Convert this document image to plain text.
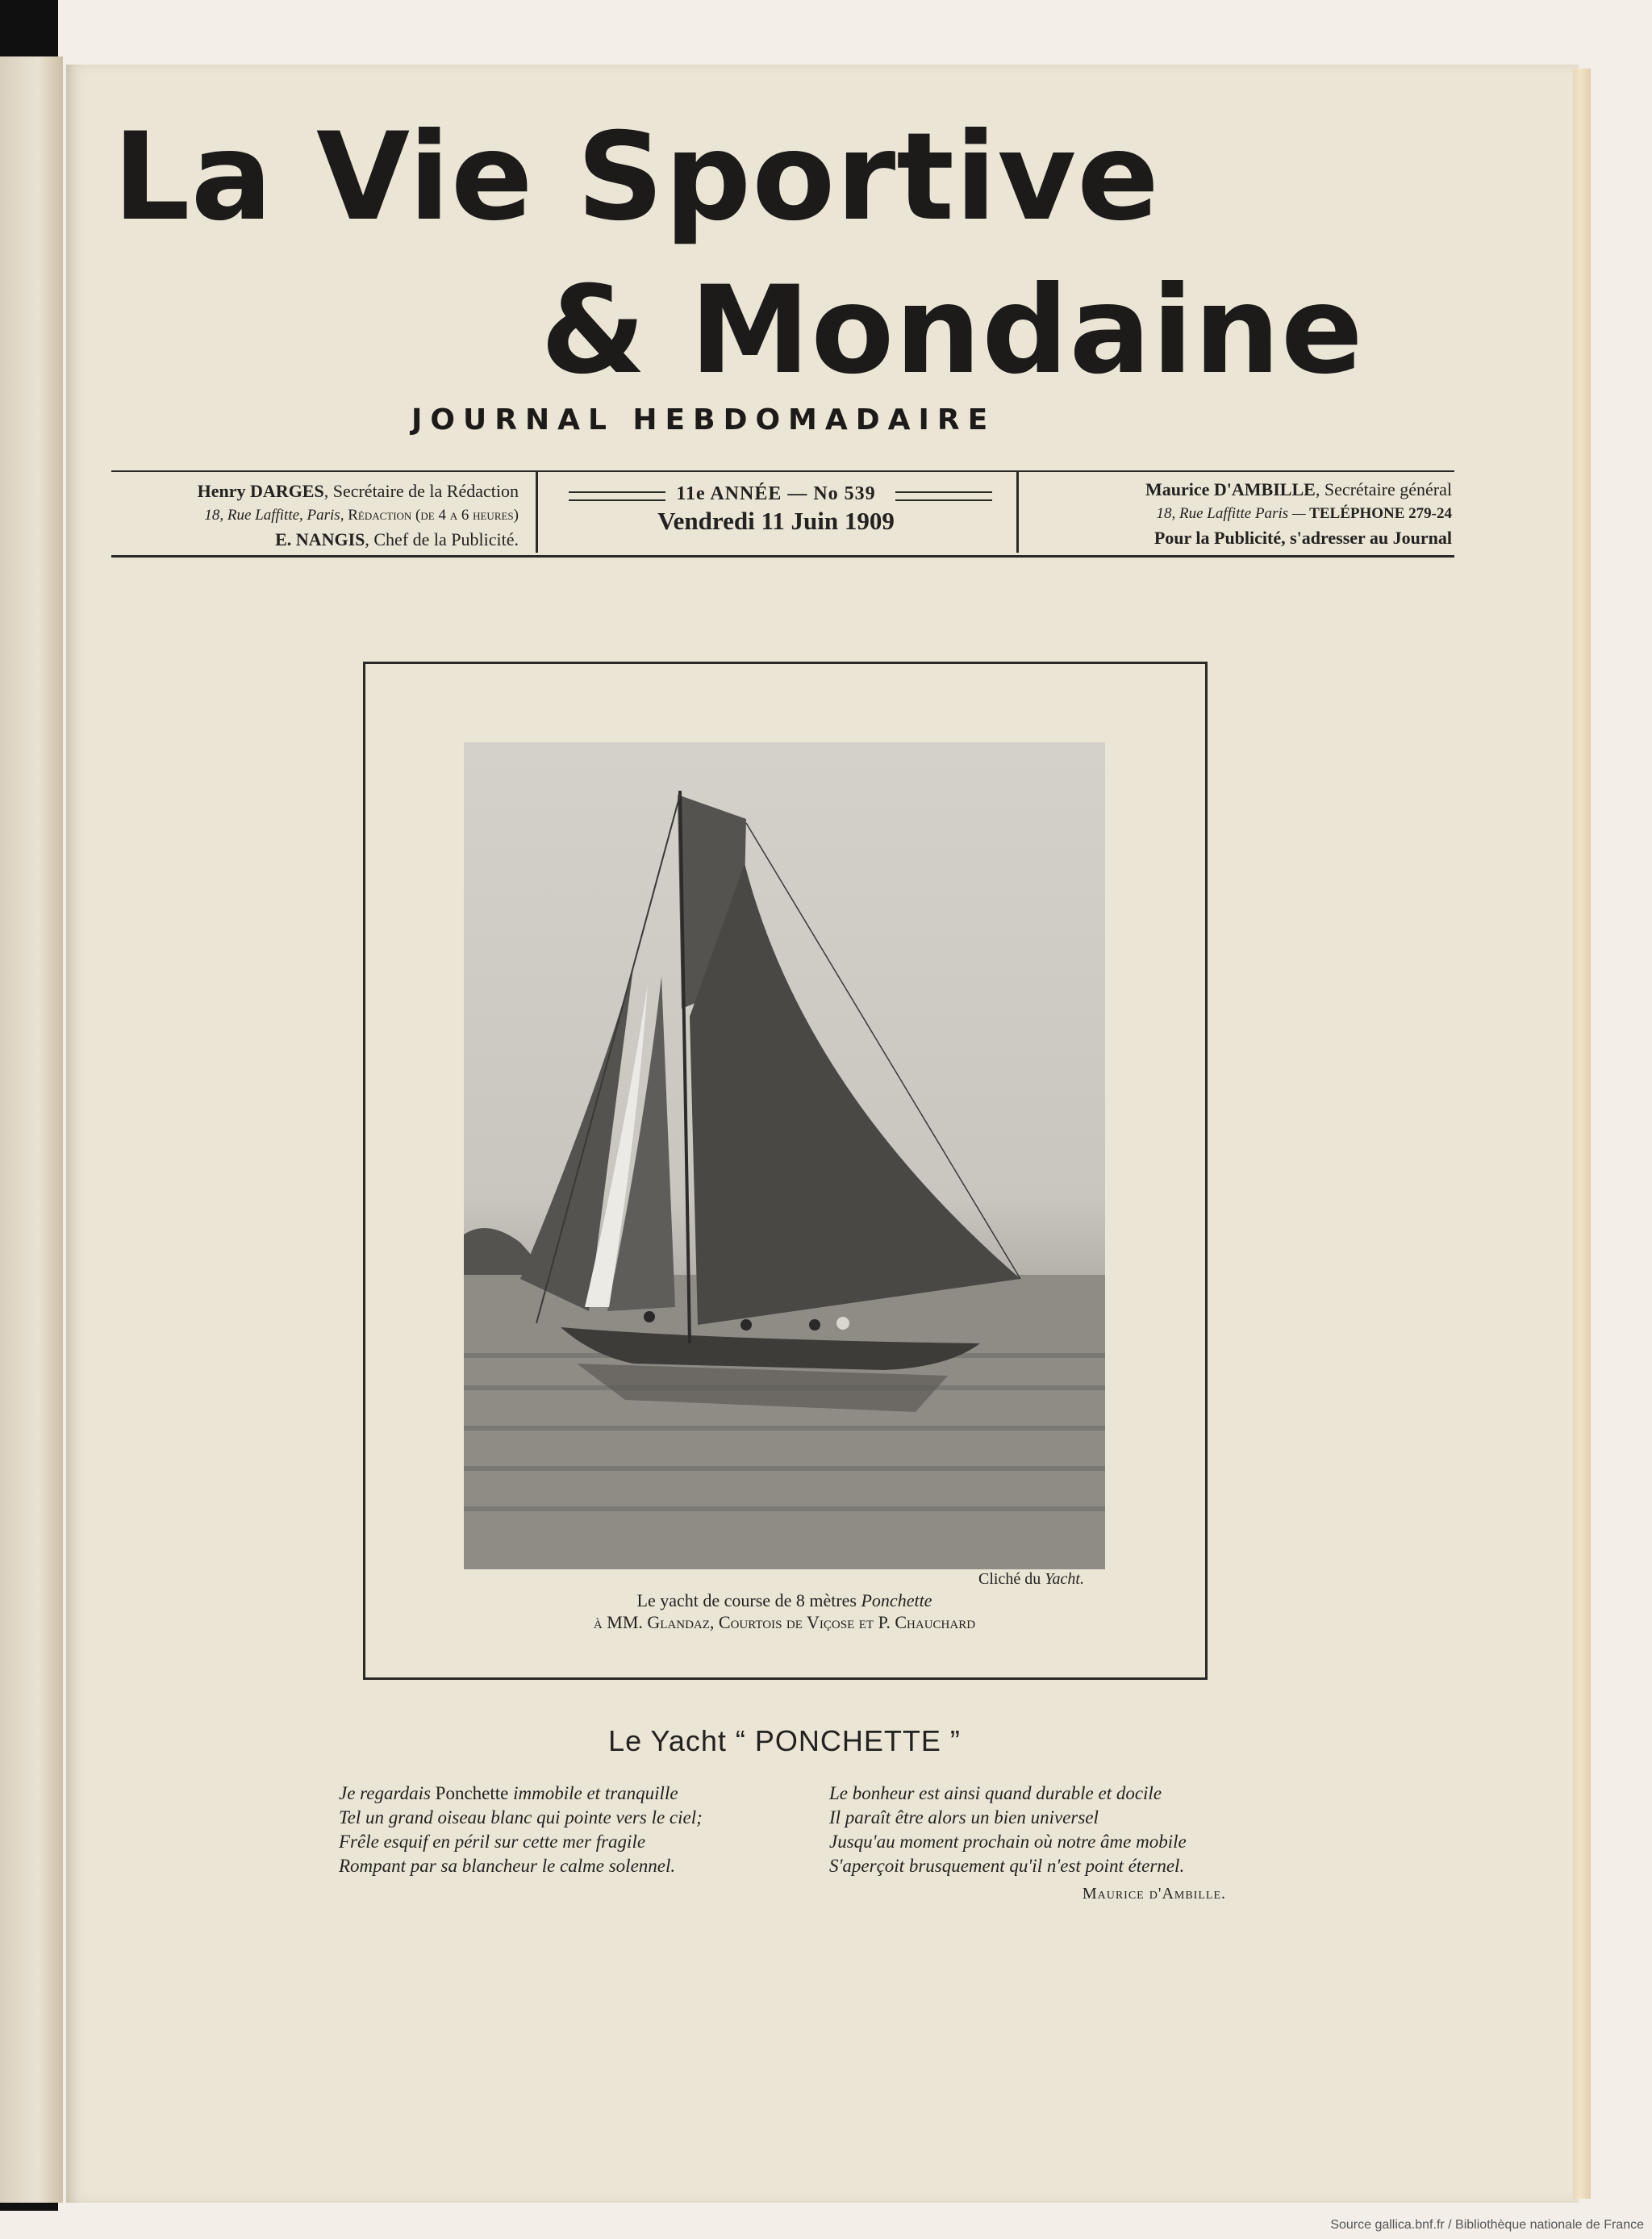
La Vie Sportive
& Mondaine
JOURNAL HEBDOMADAIRE
Henry DARGES, Secrétaire de la Rédaction
18, Rue Laffitte, Paris, Rédaction (de 4 a 6 heures)
E. NANGIS, Chef de la Publicité.
11e ANNÉE — No 539
Vendredi 11 Juin 1909
Maurice D'AMBILLE, Secrétaire général
18, Rue Laffitte Paris — TELÉPHONE 279-24
Pour la Publicité, s'adresser au Journal
Cliché du Yacht.
Le yacht de course de 8 mètres Ponchette
à MM. Glandaz, Courtois de Viçose et P. Chauchard
Le Yacht “ PONCHETTE ”
Je regardais Ponchette immobile et tranquille
Tel un grand oiseau blanc qui pointe vers le ciel;
Frêle esquif en péril sur cette mer fragile
Rompant par sa blancheur le calme solennel.
Le bonheur est ainsi quand durable et docile
Il paraît être alors un bien universel
Jusqu'au moment prochain où notre âme mobile
S'aperçoit brusquement qu'il n'est point éternel.
Maurice d'Ambille.
Source gallica.bnf.fr / Bibliothèque nationale de France
